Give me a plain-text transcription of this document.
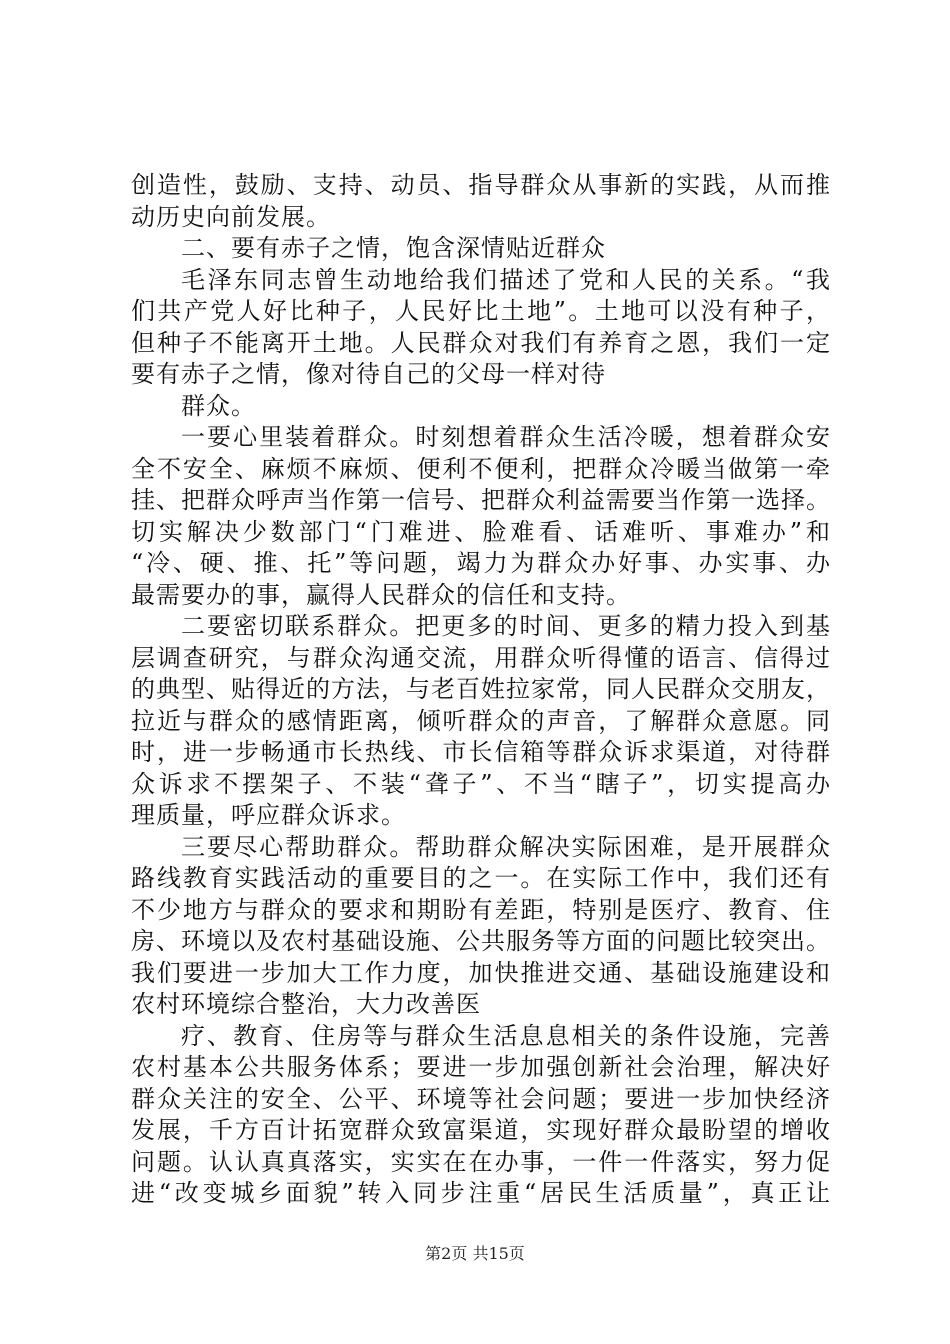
创造性，鼓励、支持、动员、指导群众从事新的实践，从而推
动历史向前发展。
二、要有赤子之情，饱含深情贴近群众
毛泽东同志曾生动地给我们描述了党和人民的关系。“我
们共产党人好比种子，人民好比土地”。土地可以没有种子，
但种子不能离开土地。人民群众对我们有养育之恩，我们一定
要有赤子之情，像对待自己的父母一样对待
群众。
一要心里装着群众。时刻想着群众生活冷暖，想着群众安
全不安全、麻烦不麻烦、便利不便利，把群众冷暖当做第一牵
挂、把群众呼声当作第一信号、把群众利益需要当作第一选择。
切实解决少数部门“门难进、脸难看、话难听、事难办”和
“冷、硬、推、托”等问题，竭力为群众办好事、办实事、办
最需要办的事，赢得人民群众的信任和支持。
二要密切联系群众。把更多的时间、更多的精力投入到基
层调查研究，与群众沟通交流，用群众听得懂的语言、信得过
的典型、贴得近的方法，与老百姓拉家常，同人民群众交朋友，
拉近与群众的感情距离，倾听群众的声音，了解群众意愿。同
时，进一步畅通市长热线、市长信箱等群众诉求渠道，对待群
众诉求不摆架子、不装“聋子”、不当“瞎子”，切实提高办
理质量，呼应群众诉求。
三要尽心帮助群众。帮助群众解决实际困难，是开展群众
路线教育实践活动的重要目的之一。在实际工作中，我们还有
不少地方与群众的要求和期盼有差距，特别是医疗、教育、住
房、环境以及农村基础设施、公共服务等方面的问题比较突出。
我们要进一步加大工作力度，加快推进交通、基础设施建设和
农村环境综合整治，大力改善医
疗、教育、住房等与群众生活息息相关的条件设施，完善
农村基本公共服务体系；要进一步加强创新社会治理，解决好
群众关注的安全、公平、环境等社会问题；要进一步加快经济
发展，千方百计拓宽群众致富渠道，实现好群众最盼望的增收
问题。认认真真落实，实实在在办事，一件一件落实，努力促
进“改变城乡面貌”转入同步注重“居民生活质量”，真正让
第2页 共15页
